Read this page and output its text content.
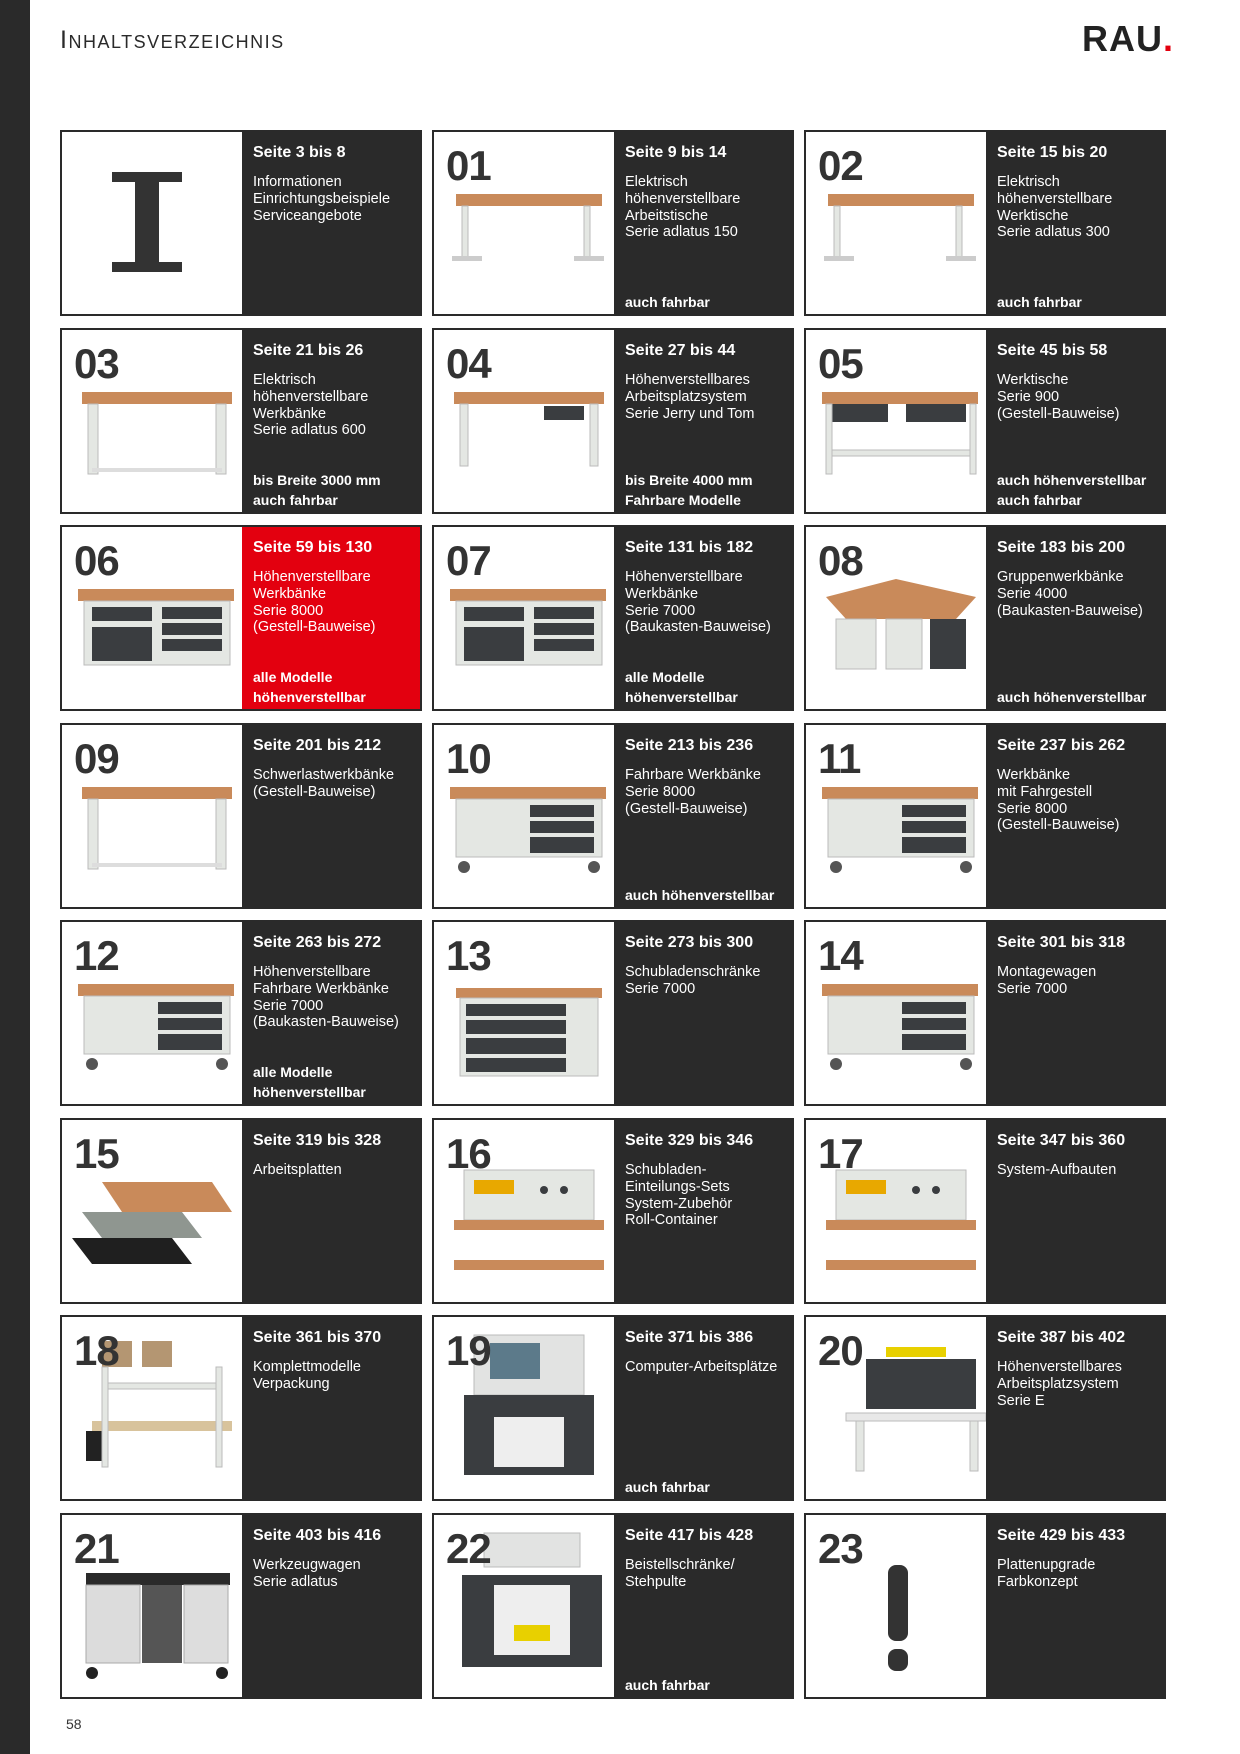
Inhaltsverzeichnis	RAU.
Seite 3 bis 8
Informationen
Einrichtungsbeispiele
Serviceangebote
01	Seite 9 bis 14
Elektrisch
höhenverstellbare
Arbeitstische
Serie adlatus 150
auch fahrbar
02	Seite 15 bis 20
Elektrisch
höhenverstellbare
Werktische
Serie adlatus 300
auch fahrbar
03	Seite 21 bis 26
Elektrisch
höhenverstellbare
Werkbänke
Serie adlatus 600
bis Breite 3000 mm
auch fahrbar
04	Seite 27 bis 44
Höhenverstellbares
Arbeitsplatzsystem
Serie Jerry und Tom
bis Breite 4000 mm
Fahrbare Modelle
05	Seite 45 bis 58
Werktische
Serie 900
(Gestell-Bauweise)
auch höhenverstellbar
auch fahrbar
06	Seite 59 bis 130
Höhenverstellbare
Werkbänke
Serie 8000
(Gestell-Bauweise)
alle Modelle
höhenverstellbar
07	Seite 131 bis 182
Höhenverstellbare
Werkbänke
Serie 7000
(Baukasten-Bauweise)
alle Modelle
höhenverstellbar
08	Seite 183 bis 200
Gruppenwerkbänke
Serie 4000
(Baukasten-Bauweise)
auch höhenverstellbar
09	Seite 201 bis 212
Schwerlastwerkbänke
(Gestell-Bauweise)
10	Seite 213 bis 236
Fahrbare Werkbänke
Serie 8000
(Gestell-Bauweise)
auch höhenverstellbar
11	Seite 237 bis 262
Werkbänke
mit Fahrgestell
Serie 8000
(Gestell-Bauweise)
12	Seite 263 bis 272
Höhenverstellbare
Fahrbare Werkbänke
Serie 7000
(Baukasten-Bauweise)
alle Modelle
höhenverstellbar
13	Seite 273 bis 300
Schubladenschränke
Serie 7000
14	Seite 301 bis 318
Montagewagen
Serie 7000
15	Seite 319 bis 328
Arbeitsplatten 16	Seite 329 bis 346
Schubladen-
Einteilungs-Sets
System-Zubehör
Roll-Container
17	Seite 347 bis 360
System-Aufbauten
18	Seite 361 bis 370
Komplettmodelle
Verpackung
19	Seite 371 bis 386
Computer-Arbeitsplätze
auch fahrbar
20	Seite 387 bis 402
Höhenverstellbares
Arbeitsplatzsystem
Serie E
21	Seite 403 bis 416
Werkzeugwagen
Serie adlatus
22	Seite 417 bis 428
Beistellschränke/
Stehpulte
auch fahrbar
23	Seite 429 bis 433
Plattenupgrade
Farbkonzept
58
